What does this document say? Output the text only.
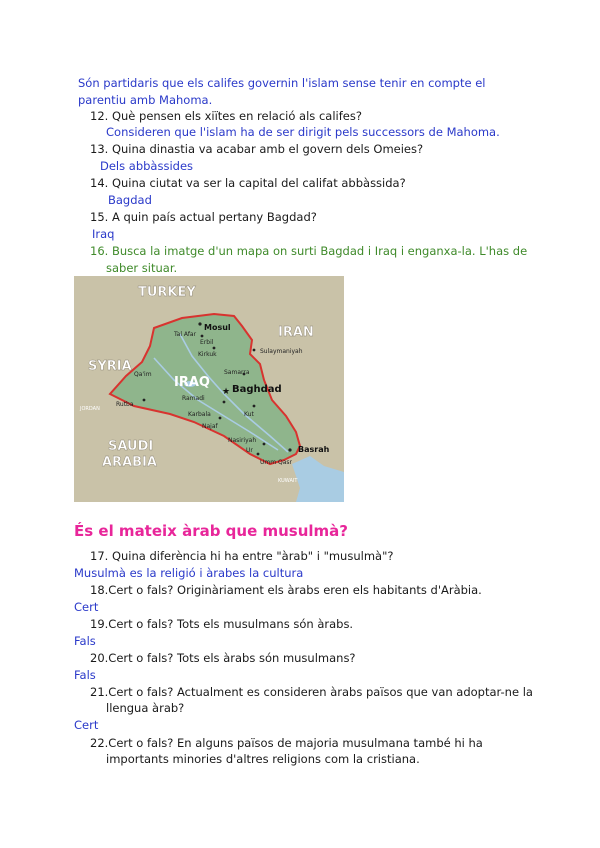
Són partidaris que els califes governin l'islam sense tenir en compte el
parentiu amb Mahoma.
12. Què pensen els xiïtes en relació als califes?
Consideren que l'islam ha de ser dirigit pels successors de Mahoma.
13. Quina dinastia va acabar amb el govern dels Omeies?
Dels abbàssides
14. Quina ciutat va ser la capital del califat abbàssida?
Bagdad
15. A quin país actual pertany Bagdad?
Iraq
16. Busca la imatge d'un mapa on surti Bagdad i Iraq i enganxa-la. L'has de
saber situar.
TURKEY
IRAN
SYRIA
SAUDI
ARABIA
IRAQ
JORDAN
KUWAIT
★
Mosul
Tal Afar
Erbil
Kirkuk	Sulaymaniyah
Samarra
Baghdad
Qa'im
Ramadi
Rutba
Karbala	Kut
Najaf
Nasiriyah
Ur	Basrah
Umm Qasr
És el mateix àrab que musulmà?
17. Quina diferència hi ha entre "àrab" i "musulmà"?
Musulmà es la religió i àrabes la cultura
18.Cert o fals? Originàriament els àrabs eren els habitants d'Aràbia.
Cert
19.Cert o fals? Tots els musulmans són àrabs.
Fals
20.Cert o fals? Tots els àrabs són musulmans?
Fals
21.Cert o fals? Actualment es consideren àrabs països que van adoptar-ne la
llengua àrab?
Cert
22.Cert o fals? En alguns països de majoria musulmana també hi ha
importants minories d'altres religions com la cristiana.
